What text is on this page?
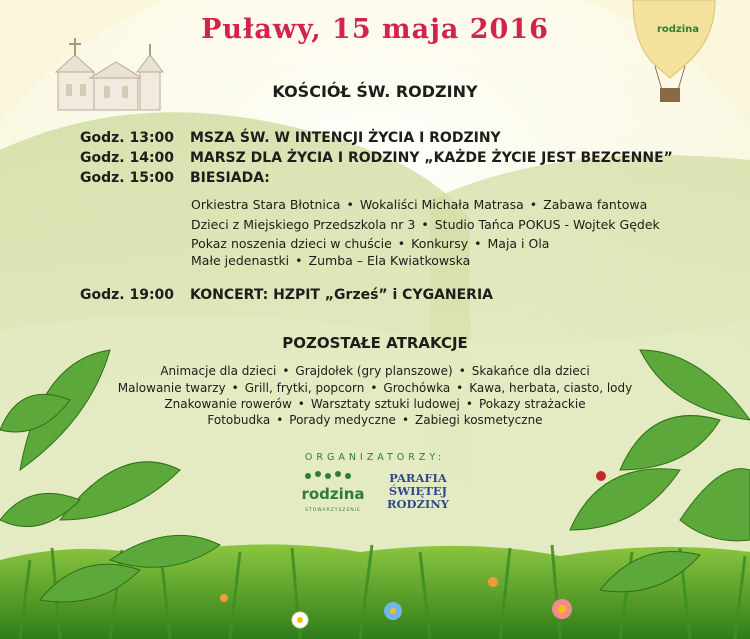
Puławy, 15 maja 2016	rodzina
KOŚCIÓŁ ŚW. RODZINY
Godz. 13:00 MSZA ŚW. W INTENCJI ŻYCIA I RODZINY
Godz. 14:00 MARSZ DLA ŻYCIA I RODZINY „KAŻDE ŻYCIE JEST BEZCENNE”
Godz. 15:00 BIESIADA:
Orkiestra Stara Błotnica • Wokaliści Michała Matrasa • Zabawa fantowa
Dzieci z Miejskiego Przedszkola nr 3 • Studio Tańca POKUS - Wojtek Gędek
Pokaz noszenia dzieci w chuście • Konkursy • Maja i Ola
Małe jedenastki • Zumba – Ela Kwiatkowska
Godz. 19:00 KONCERT: HZPIT „Grześ” i CYGANERIA
POZOSTAŁE ATRAKCJE
Animacje dla dzieci • Grajdołek (gry planszowe) • Skakańce dla dzieci
Malowanie twarzy • Grill, frytki, popcorn • Grochówka • Kawa, herbata, ciasto, lody
Znakowanie rowerów • Warsztaty sztuki ludowej • Pokazy strażackie
Fotobudka • Porady medyczne • Zabiegi kosmetyczne
ORGANIZATORZY:
rodzina
STOWARZYSZENIE
PARAFIA ŚWIĘTEJ RODZINY
